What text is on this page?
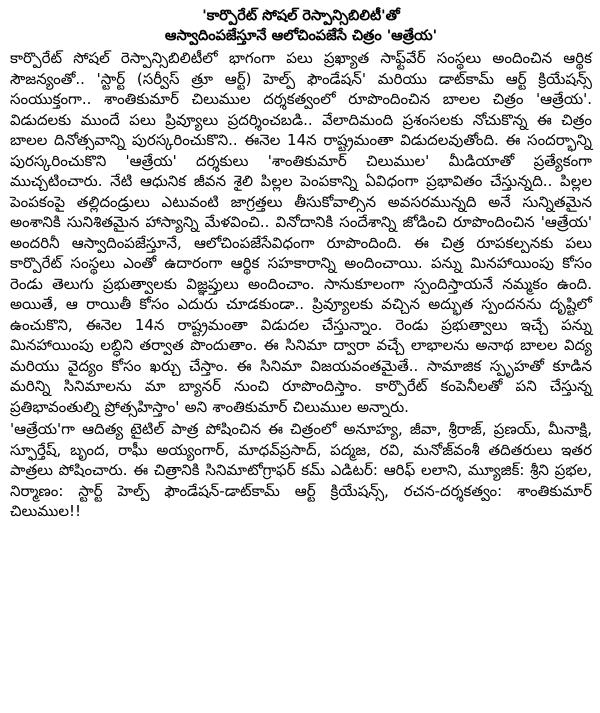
'కార్పొరేట్ సోషల్ రెస్పాన్సిబిలిటీ'తో
ఆస్వాదింపజేస్తూనే ఆలోచింపజేసే చిత్రం 'ఆత్రేయ'

కార్పొరేట్ సోషల్ రెస్పాన్సిబిలిటీలో భాగంగా పలు ప్రఖ్యాత సాఫ్ట్‌వేర్ సంస్థలు అందించిన ఆర్థిక సౌజన్యంతో.. 'స్టార్ట్ (సర్వీస్ త్రూ ఆర్ట్) హెల్ప్ ఫౌండేషన్' మరియు డాట్‌కామ్ ఆర్ట్ క్రియేషన్స్ సంయుక్తంగా.. శాంతికుమార్ చిలుముల దర్శకత్వంలో రూపొందించిన బాలల చిత్రం 'ఆత్రేయ'. విడుదలకు ముందే పలు ప్రివ్యూలు ప్రదర్శించబడి.. వేలాదిమంది ప్రశంసలకు నోచుకొన్న ఈ చిత్రం బాలల దినోత్సవాన్ని పురస్కరించుకొని.. ఈనెల 14న రాష్ట్రమంతా విడుదలవుతోంది. ఈ సందర్భాన్ని పురస్కరించుకొని 'ఆత్రేయ' దర్శకులు 'శాంతికుమార్ చిలుముల' మీడియాతో ప్రత్యేకంగా ముచ్చటించారు. నేటి ఆధునిక జీవన శైలి పిల్లల పెంపకాన్ని ఏవిధంగా ప్రభావితం చేస్తున్నది.. పిల్లల పెంపకంపై తల్లిదండ్రులు ఎటువంటి జాగ్రత్తలు తీసుకోవాల్సిన అవసరమున్నది అనే సున్నితమైన అంశానికి సునిశితమైన హాస్యాన్ని మేళవించి.. వినోదానికి సందేశాన్ని జోడించి రూపొందించిన 'ఆత్రేయ' అందరినీ ఆస్వాదింపజేస్తూనే, ఆలోచింపజేసేవిధంగా రూపొందింది. ఈ చిత్ర రూపకల్పనకు పలు కార్పొరేట్ సంస్థలు ఎంతో ఉదారంగా ఆర్థిక సహకారాన్ని అందించాయి. పన్ను మినహాయింపు కోసం రెండు తెలుగు ప్రభుత్వాలకు విజ్ఞప్తులు అందించాం. సానుకూలంగా స్పందిస్తాయనే నమ్మకం ఉంది. అయితే, ఆ రాయితీ కోసం ఎదురు చూడకుండా.. ప్రివ్యూలకు వచ్చిన అద్భుత స్పందనను దృష్టిలో ఉంచుకొని, ఈనెల 14న రాష్ట్రమంతా విడుదల చేస్తున్నాం. రెండు ప్రభుత్వాలు ఇచ్చే పన్ను మినహాయింపు లబ్ధిని తర్వాత పొందుతాం. ఈ సినిమా ద్వారా వచ్చే లాభాలను అనాథ బాలల విద్య మరియు వైద్యం కోసం ఖర్చు చేస్తాం. ఈ సినిమా విజయవంతమైతే.. సామాజిక స్పృహతో కూడిన మరిన్ని సినిమాలను మా బ్యానర్ నుంచి రూపొందిస్తాం. కార్పొరేట్ కంపెనీలతో పని చేస్తున్న ప్రతిభావంతుల్ని ప్రోత్సహిస్తాం' అని శాంతికుమార్ చిలుముల అన్నారు.

'ఆత్రేయ'గా ఆదిత్య టైటిల్ పాత్ర పోషించిన ఈ చిత్రంలో అనూహ్య, జీవా, శ్రీరాజ్, ప్రణయ్, మీనాక్షి, స్ఫూర్తేష్, బృంద, రాఘీ అయ్యంగార్, మాధవ్‌ప్రసాద్, పద్మజ, రవి, మనోజ్‌వంశీ తదితరులు ఇతర పాత్రలు పోషించారు. ఈ చిత్రానికి సినిమాటోగ్రాఫర్ కమ్ ఎడిటర్: ఆరిఫ్ లలాని, మ్యూజిక్: శ్రీని ప్రభల, నిర్మాణం: స్టార్ట్ హెల్ప్ ఫౌండేషన్-డాట్‌కామ్ ఆర్ట్ క్రియేషన్స్, రచన-దర్శకత్వం: శాంతికుమార్ చిలుముల!!
